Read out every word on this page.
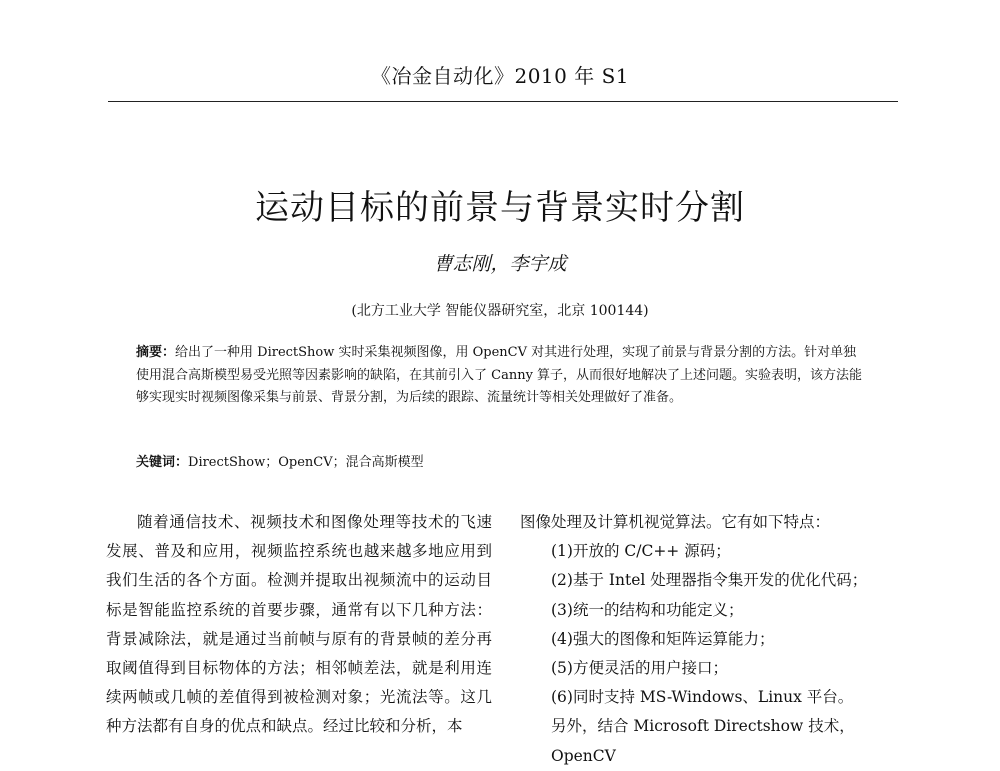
《冶金自动化》2010 年 S1
运动目标的前景与背景实时分割
曹志刚，李宇成
(北方工业大学 智能仪器研究室，北京 100144)

摘要：给出了一种用 DirectShow 实时采集视频图像，用 OpenCV 对其进行处理，实现了前景与背景分割的方法。针对单独使用混合高斯模型易受光照等因素影响的缺陷，在其前引入了 Canny 算子，从而很好地解决了上述问题。实验表明，该方法能够实现实时视频图像采集与前景、背景分割，为后续的跟踪、流量统计等相关处理做好了准备。

关键词：DirectShow；OpenCV；混合高斯模型

随着通信技术、视频技术和图像处理等技术的飞速发展、普及和应用，视频监控系统也越来越多地应用到我们生活的各个方面。检测并提取出视频流中的运动目标是智能监控系统的首要步骤，通常有以下几种方法：背景减除法，就是通过当前帧与原有的背景帧的差分再取阈值得到目标物体的方法；相邻帧差法，就是利用连续两帧或几帧的差值得到被检测对象；光流法等。这几种方法都有自身的优点和缺点。经过比较和分析，本

图像处理及计算机视觉算法。它有如下特点：

(1)开放的 C/C++ 源码；

(2)基于 Intel 处理器指令集开发的优化代码；

(3)统一的结构和功能定义；

(4)强大的图像和矩阵运算能力；

(5)方便灵活的用户接口；

(6)同时支持 MS-Windows、Linux 平台。

另外，结合 Microsoft Directshow 技术，OpenCV
